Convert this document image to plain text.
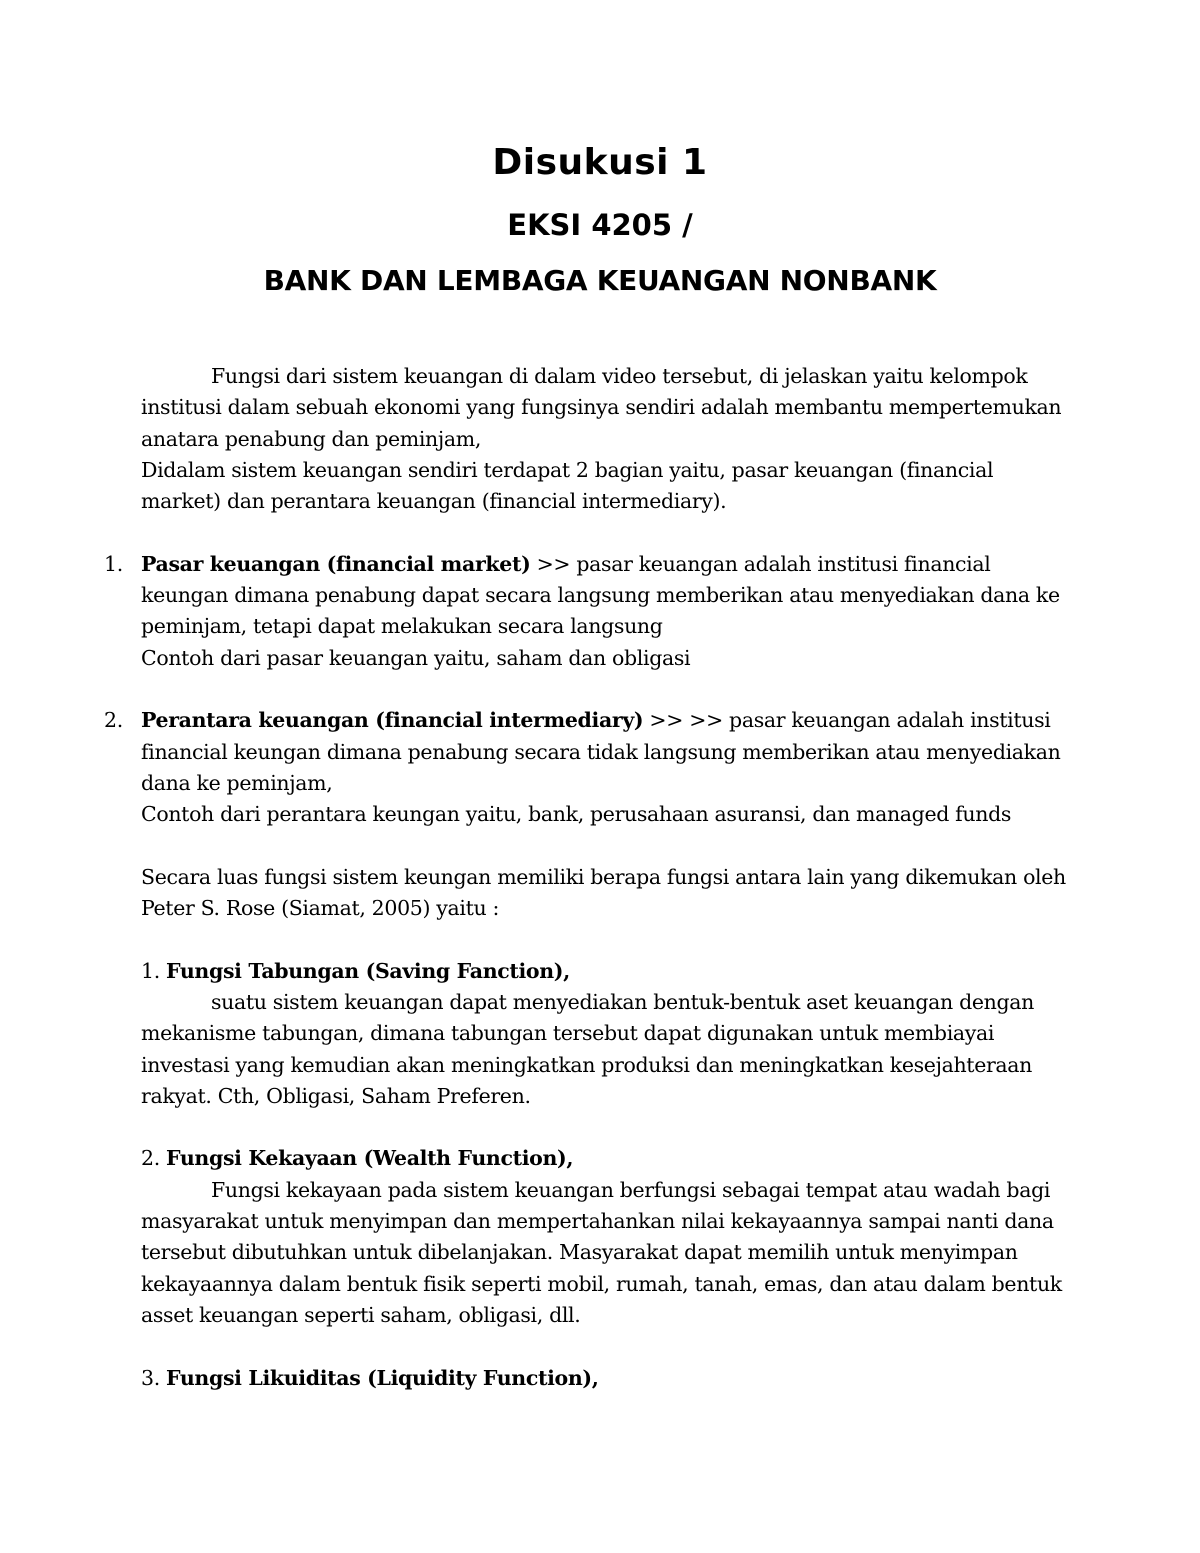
Disukusi 1
EKSI 4205 /
BANK DAN LEMBAGA KEUANGAN NONBANK

Fungsi dari sistem keuangan di dalam video tersebut, di jelaskan yaitu kelompok institusi dalam sebuah ekonomi yang fungsinya sendiri adalah membantu mempertemukan anatara penabung dan peminjam,

Didalam sistem keuangan sendiri terdapat 2 bagian yaitu, pasar keuangan (financial market) dan perantara keuangan (financial intermediary).

1. Pasar keuangan (financial market) >> pasar keuangan adalah institusi financial keungan dimana penabung dapat secara langsung memberikan atau menyediakan dana ke peminjam, tetapi dapat melakukan secara langsung

Contoh dari pasar keuangan yaitu, saham dan obligasi

2. Perantara keuangan (financial intermediary) >> >> pasar keuangan adalah institusi financial keungan dimana penabung secara tidak langsung memberikan atau menyediakan dana ke peminjam,

Contoh dari perantara keungan yaitu, bank, perusahaan asuransi, dan managed funds

Secara luas fungsi sistem keungan memiliki berapa fungsi antara lain yang dikemukan oleh Peter S. Rose (Siamat, 2005) yaitu :

1. Fungsi Tabungan (Saving Fanction),

suatu sistem keuangan dapat menyediakan bentuk-bentuk aset keuangan dengan mekanisme tabungan, dimana tabungan tersebut dapat digunakan untuk membiayai investasi yang kemudian akan meningkatkan produksi dan meningkatkan kesejahteraan rakyat. Cth, Obligasi, Saham Preferen.

2. Fungsi Kekayaan (Wealth Function),

Fungsi kekayaan pada sistem keuangan berfungsi sebagai tempat atau wadah bagi masyarakat untuk menyimpan dan mempertahankan nilai kekayaannya sampai nanti dana tersebut dibutuhkan untuk dibelanjakan. Masyarakat dapat memilih untuk menyimpan kekayaannya dalam bentuk fisik seperti mobil, rumah, tanah, emas, dan atau dalam bentuk asset keuangan seperti saham, obligasi, dll.

3. Fungsi Likuiditas (Liquidity Function),
